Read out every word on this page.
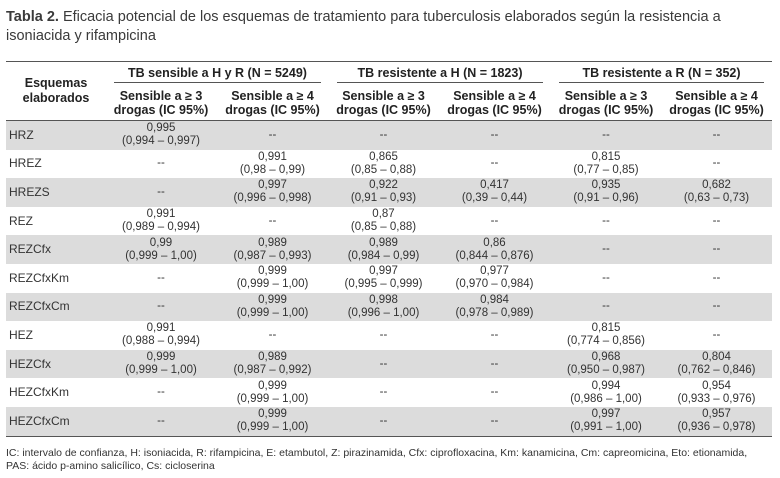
Tabla 2. Eficacia potencial de los esquemas de tratamiento para tuberculosis elaborados según la resistencia a isoniacida y rifampicina
Esquemas elaborados	TB sensible a H y R (N = 5249)		TB resistente a H (N = 1823)		TB resistente a R (N = 352)	

	Sensible a ≥ 3 drogas (IC 95%)	Sensible a ≥ 4 drogas (IC 95%)	Sensible a ≥ 3 drogas (IC 95%)	Sensible a ≥ 4 drogas (IC 95%)	Sensible a ≥ 3 drogas (IC 95%)	Sensible a ≥ 4 drogas (IC 95%)
HRZ	0,995
(0,994 – 0,997)	--	--	--	--	--

HREZ	--	0,991
(0,98 – 0,99)	0,865
(0,85 – 0,88)	--	0,815
(0,77 – 0,85)	--

HREZS	--	0,997
(0,996 – 0,998)	0,922
(0,91 – 0,93)	0,417
(0,39 – 0,44)	0,935
(0,91 – 0,96)	0,682
(0,63 – 0,73)

REZ	0,991
(0,989 – 0,994)	--	0,87
(0,85 – 0,88)	--	--	--

REZCfx	0,99
(0,999 – 1,00)	0,989
(0,987 – 0,993)	0,989
(0,984 – 0,99)	0,86
(0,844 – 0,876)	--	--

REZCfxKm	--	0,999
(0,999 – 1,00)	0,997
(0,995 – 0,999)	0,977
(0,970 – 0,984)	--	--

REZCfxCm	--	0,999
(0,999 – 1,00)	0,998
(0,996 – 1,00)	0,984
(0,978 – 0,989)	--	--

HEZ	0,991
(0,988 – 0,994)	--	--	--	0,815
(0,774 – 0,856)	--

HEZCfx	0,999
(0,999 – 1,00)	0,989
(0,987 – 0,992)	--	--	0,968
(0,950 – 0,987)	0,804
(0,762 – 0,846)

HEZCfxKm	--	0,999
(0,999 – 1,00)	--	--	0,994
(0,986 – 1,00)	0,954
(0,933 – 0,976)

HEZCfxCm	--	0,999
(0,999 – 1,00)	--	--	0,997
(0,991 – 1,00)	0,957
(0,936 – 0,978)
IC: intervalo de confianza, H: isoniacida, R: rifampicina, E: etambutol, Z: pirazinamida, Cfx: ciprofloxacina, Km: kanamicina, Cm: capreomicina, Eto: etionamida, PAS: ácido p-amino salicílico, Cs: cicloserina
